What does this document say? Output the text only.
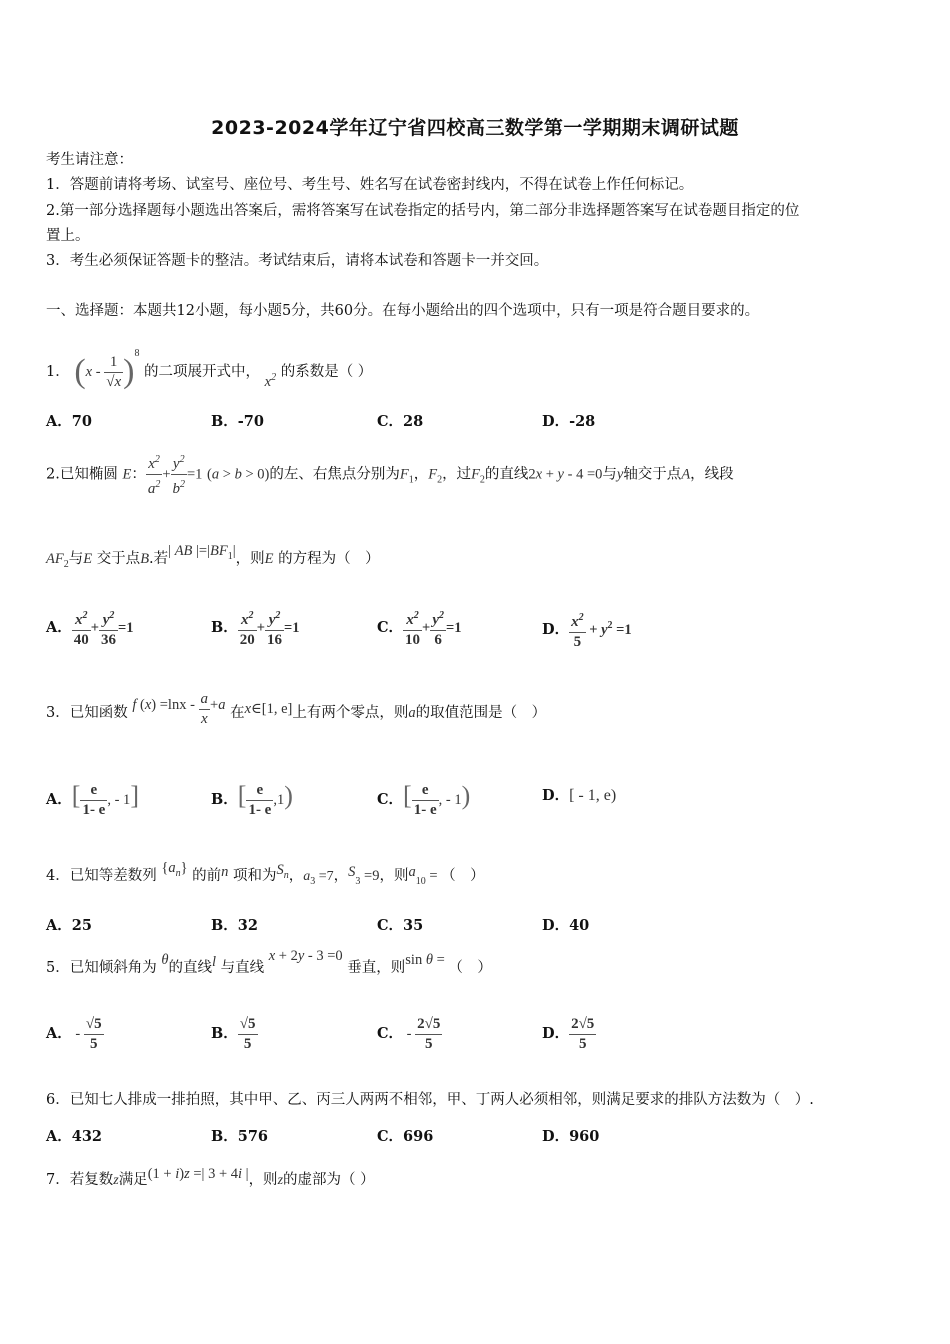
2023-2024学年辽宁省四校高三数学第一学期期末调研试题
考生请注意：
1．答题前请将考场、试室号、座位号、考生号、姓名写在试卷密封线内，不得在试卷上作任何标记。
2.第一部分选择题每小题选出答案后，需将答案写在试卷指定的括号内，第二部分非选择题答案写在试卷题目指定的位
置上。
3．考生必须保证答题卡的整洁。考试结束后，请将本试卷和答题卡一并交回。
一、选择题：本题共12小题，每小题5分，共60分。在每小题给出的四个选项中，只有一项是符合题目要求的。
1． $(x - \frac{1}{√x} )^8$ 的二项展开式中， $x^2$ 的系数是（ ）
A．70	B．-70	C．28	D．-28
2.已知椭圆 E： $\frac{x^2}{a^2} + \frac{y^2}{b^2} =1$ (a > b > 0)的左、右焦点分别为$F_1$，$F_2$，过$F_2$的直线2x + y - 4 =0与y轴交于点A，线段
$AF_2$与E 交于点B.若| AB $|=|BF_1|$，则E 的方程为（　）
A． $\frac{x^2}{40} + \frac{y^2}{36} =1$	B． $\frac{x^2}{20} + \frac{y^2}{16} =1$	C． $\frac{x^2}{10} + \frac{y^2}{6} =1$	D． $\frac{x^2}{5} + y^2 =1$
3．已知函数 f $(x) =\ln x - \frac{a}{x} +a$ 在x∈[1, e]上有两个零点，则a的取值范围是（　）
A．[ $\frac{e}{1- e}$ , - 1]	B．[ $\frac{e}{1- e} ,1$)	C．[ $\frac{e}{1- e}$ , - 1)	D．[ - 1, e)
4．已知等差数列 $\{a_n\}$ 的前n 项和为$S_n$，$a_3 =7$，$S_3 =9$，则$a_{10}$ = （　）
A．25	B．32	C．35	D．40
5．已知倾斜角为 θ的直线l 与直线 x + 2y - 3 =0 垂直，则sin θ = （　）
A． - $\frac{√5}{5}$	B． $\frac{√5}{5}$	C． - $\frac{2√5}{5}$	D． $\frac{2√5}{5}$
6．已知七人排成一排拍照，其中甲、乙、丙三人两两不相邻，甲、丁两人必须相邻，则满足要求的排队方法数为（　）.
A．432	B．576	C．696	D．960
7．若复数z满足(1 + i)z =| 3 + 4i |，则z的虚部为（ ）
